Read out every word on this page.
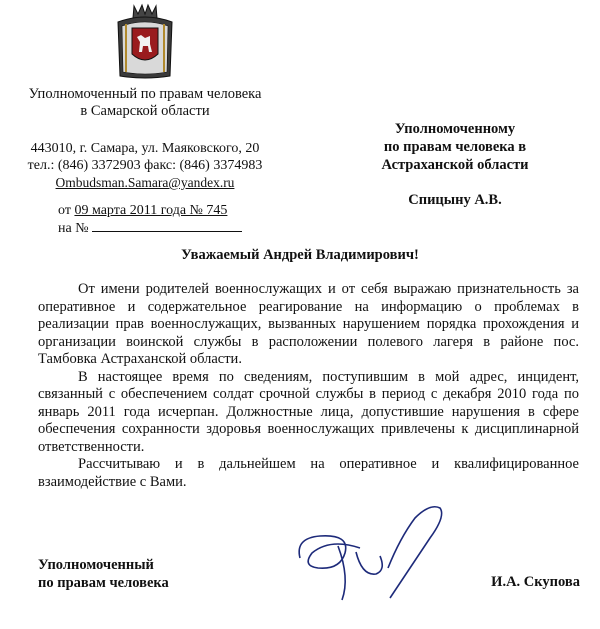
Уполномоченный по правам человека
в Самарской области
443010, г. Самара, ул. Маяковского, 20
тел.: (846) 3372903 факс: (846) 3374983
Ombudsman.Samara@yandex.ru
от 09 марта 2011 года № 745
на №
Уполномоченному
по правам человека в
Астраханской области
Спицыну А.В.
Уважаемый Андрей Владимирович!

От имени родителей военнослужащих и от себя выражаю признательность за оперативное и содержательное реагирование на информацию о проблемах в реализации прав военнослужащих, вызванных нарушением порядка прохождения и организации воинской службы в расположении полевого лагеря в районе пос. Тамбовка Астраханской области.

В настоящее время по сведениям, поступившим в мой адрес, инцидент, связанный с обеспечением солдат срочной службы в период с декабря 2010 года по январь 2011 года исчерпан. Должностные лица, допустившие нарушения в сфере обеспечения сохранности здоровья военнослужащих привлечены к дисциплинарной ответственности.

Рассчитываю и в дальнейшем на оперативное и квалифицированное взаимодействие с Вами.

Уполномоченный
по правам человека	И.А. Скупова
